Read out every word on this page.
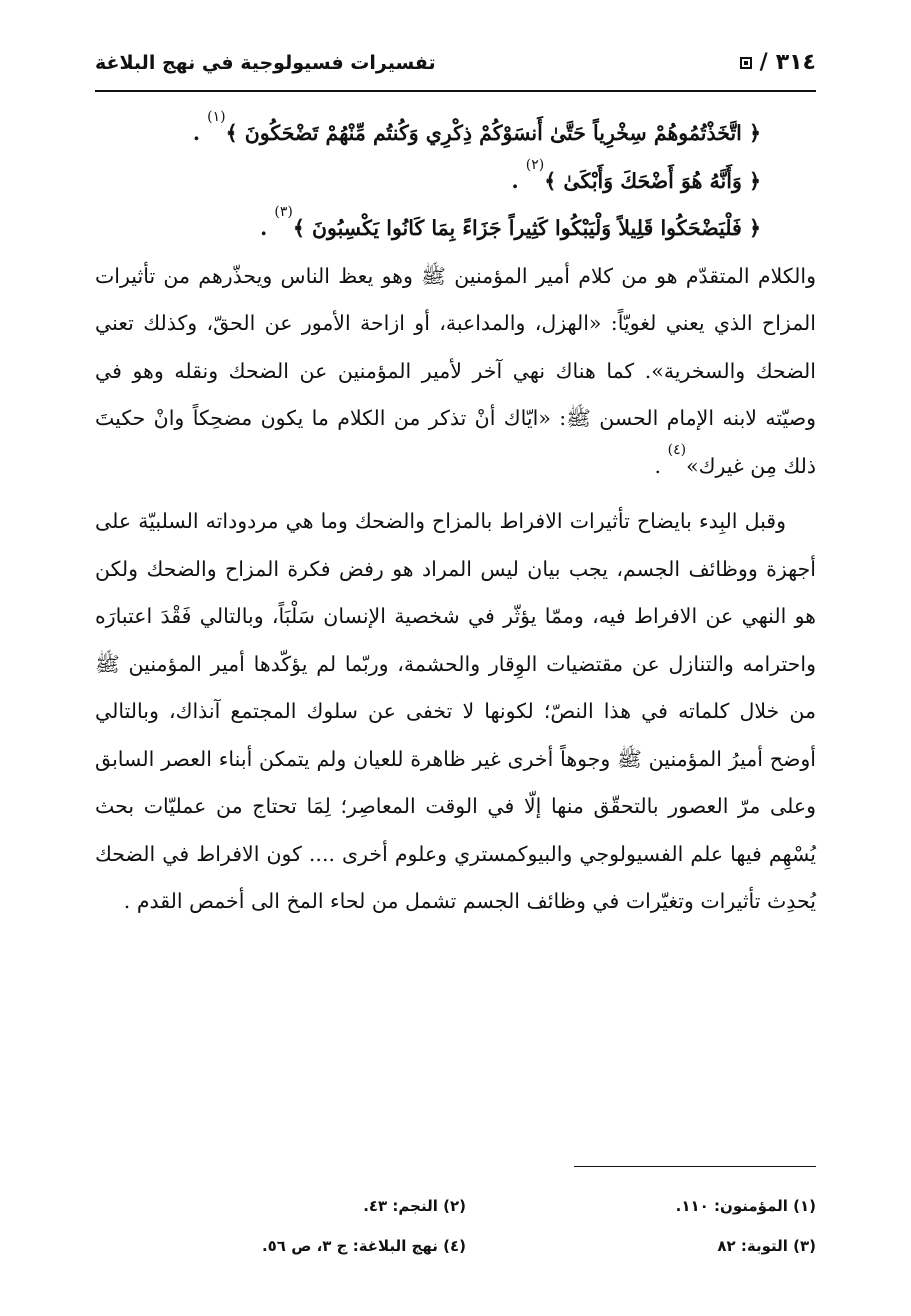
٣١٤
/
تفسيرات فسيولوجية في نهج البلاغة

﴿ اتَّخَذْتُمُوهُمْ سِخْرِياً حَتَّىٰ أَنسَوْكُمْ ذِكْرِي وَكُنتُم مِّنْهُمْ تَضْحَكُونَ ﴾$^{(١)}$ .

﴿ وَأَنَّهُ هُوَ أَضْحَكَ وَأَبْكَىٰ ﴾$^{(٢)}$ .

﴿ فَلْيَضْحَكُوا قَلِيلاً وَلْيَبْكُوا كَثِيراً جَزَاءً بِمَا كَانُوا يَكْسِبُونَ ﴾$^{(٣)}$ .

والكلام المتقدّم هو من كلام أمير المؤمنين ﷺ وهو يعظ الناس ويحذّرهم من تأثيرات المزاح الذي يعني لغويّاً: «الهزل، والمداعبة، أو ازاحة الأمور عن الحقّ، وكذلك تعني الضحك والسخرية». كما هناك نهي آخر لأمير المؤمنين عن الضحك ونقله وهو في وصيّته لابنه الإمام الحسن ﷺ: «ايّاك أنْ تذكر من الكلام ما يكون مضحِكاً وانْ حكيتَ ذلك مِن غيرك»$^{(٤)}$ .

وقبل البِدء بايضاح تأثيرات الافراط بالمزاح والضحك وما هي مردوداته السلبيّة على أجهزة ووظائف الجسم، يجب بيان ليس المراد هو رفض فكرة المزاح والضحك ولكن هو النهي عن الافراط فيه، وممّا يؤثّر في شخصية الإنسان سَلْبَاً، وبالتالي فَقْدَ اعتبارَه واحترامه والتنازل عن مقتضيات الوِقار والحشمة، وربّما لم يؤكّدها أمير المؤمنين ﷺ من خلال كلماته في هذا النصّ؛ لكونها لا تخفى عن سلوك المجتمع آنذاك، وبالتالي أوضح أميرُ المؤمنين ﷺ وجوهاً أخرى غير ظاهرة للعيان ولم يتمكن أبناء العصر السابق وعلى مرّ العصور بالتحقّق منها إلّا في الوقت المعاصِر؛ لِمَا تحتاج من عمليّات بحث يُسْهِم فيها علم الفسيولوجي والبيوكمستري وعلوم أخرى .... كون الافراط في الضحك يُحدِث تأثيرات وتغيّرات في وظائف الجسم تشمل من لحاء المخ الى أخمص القدم .

(١) المؤمنون: ١١٠.
(٢) النجم: ٤٣.
(٣) التوبة: ٨٢
(٤) نهج البلاغة: ج ٣، ص ٥٦.
